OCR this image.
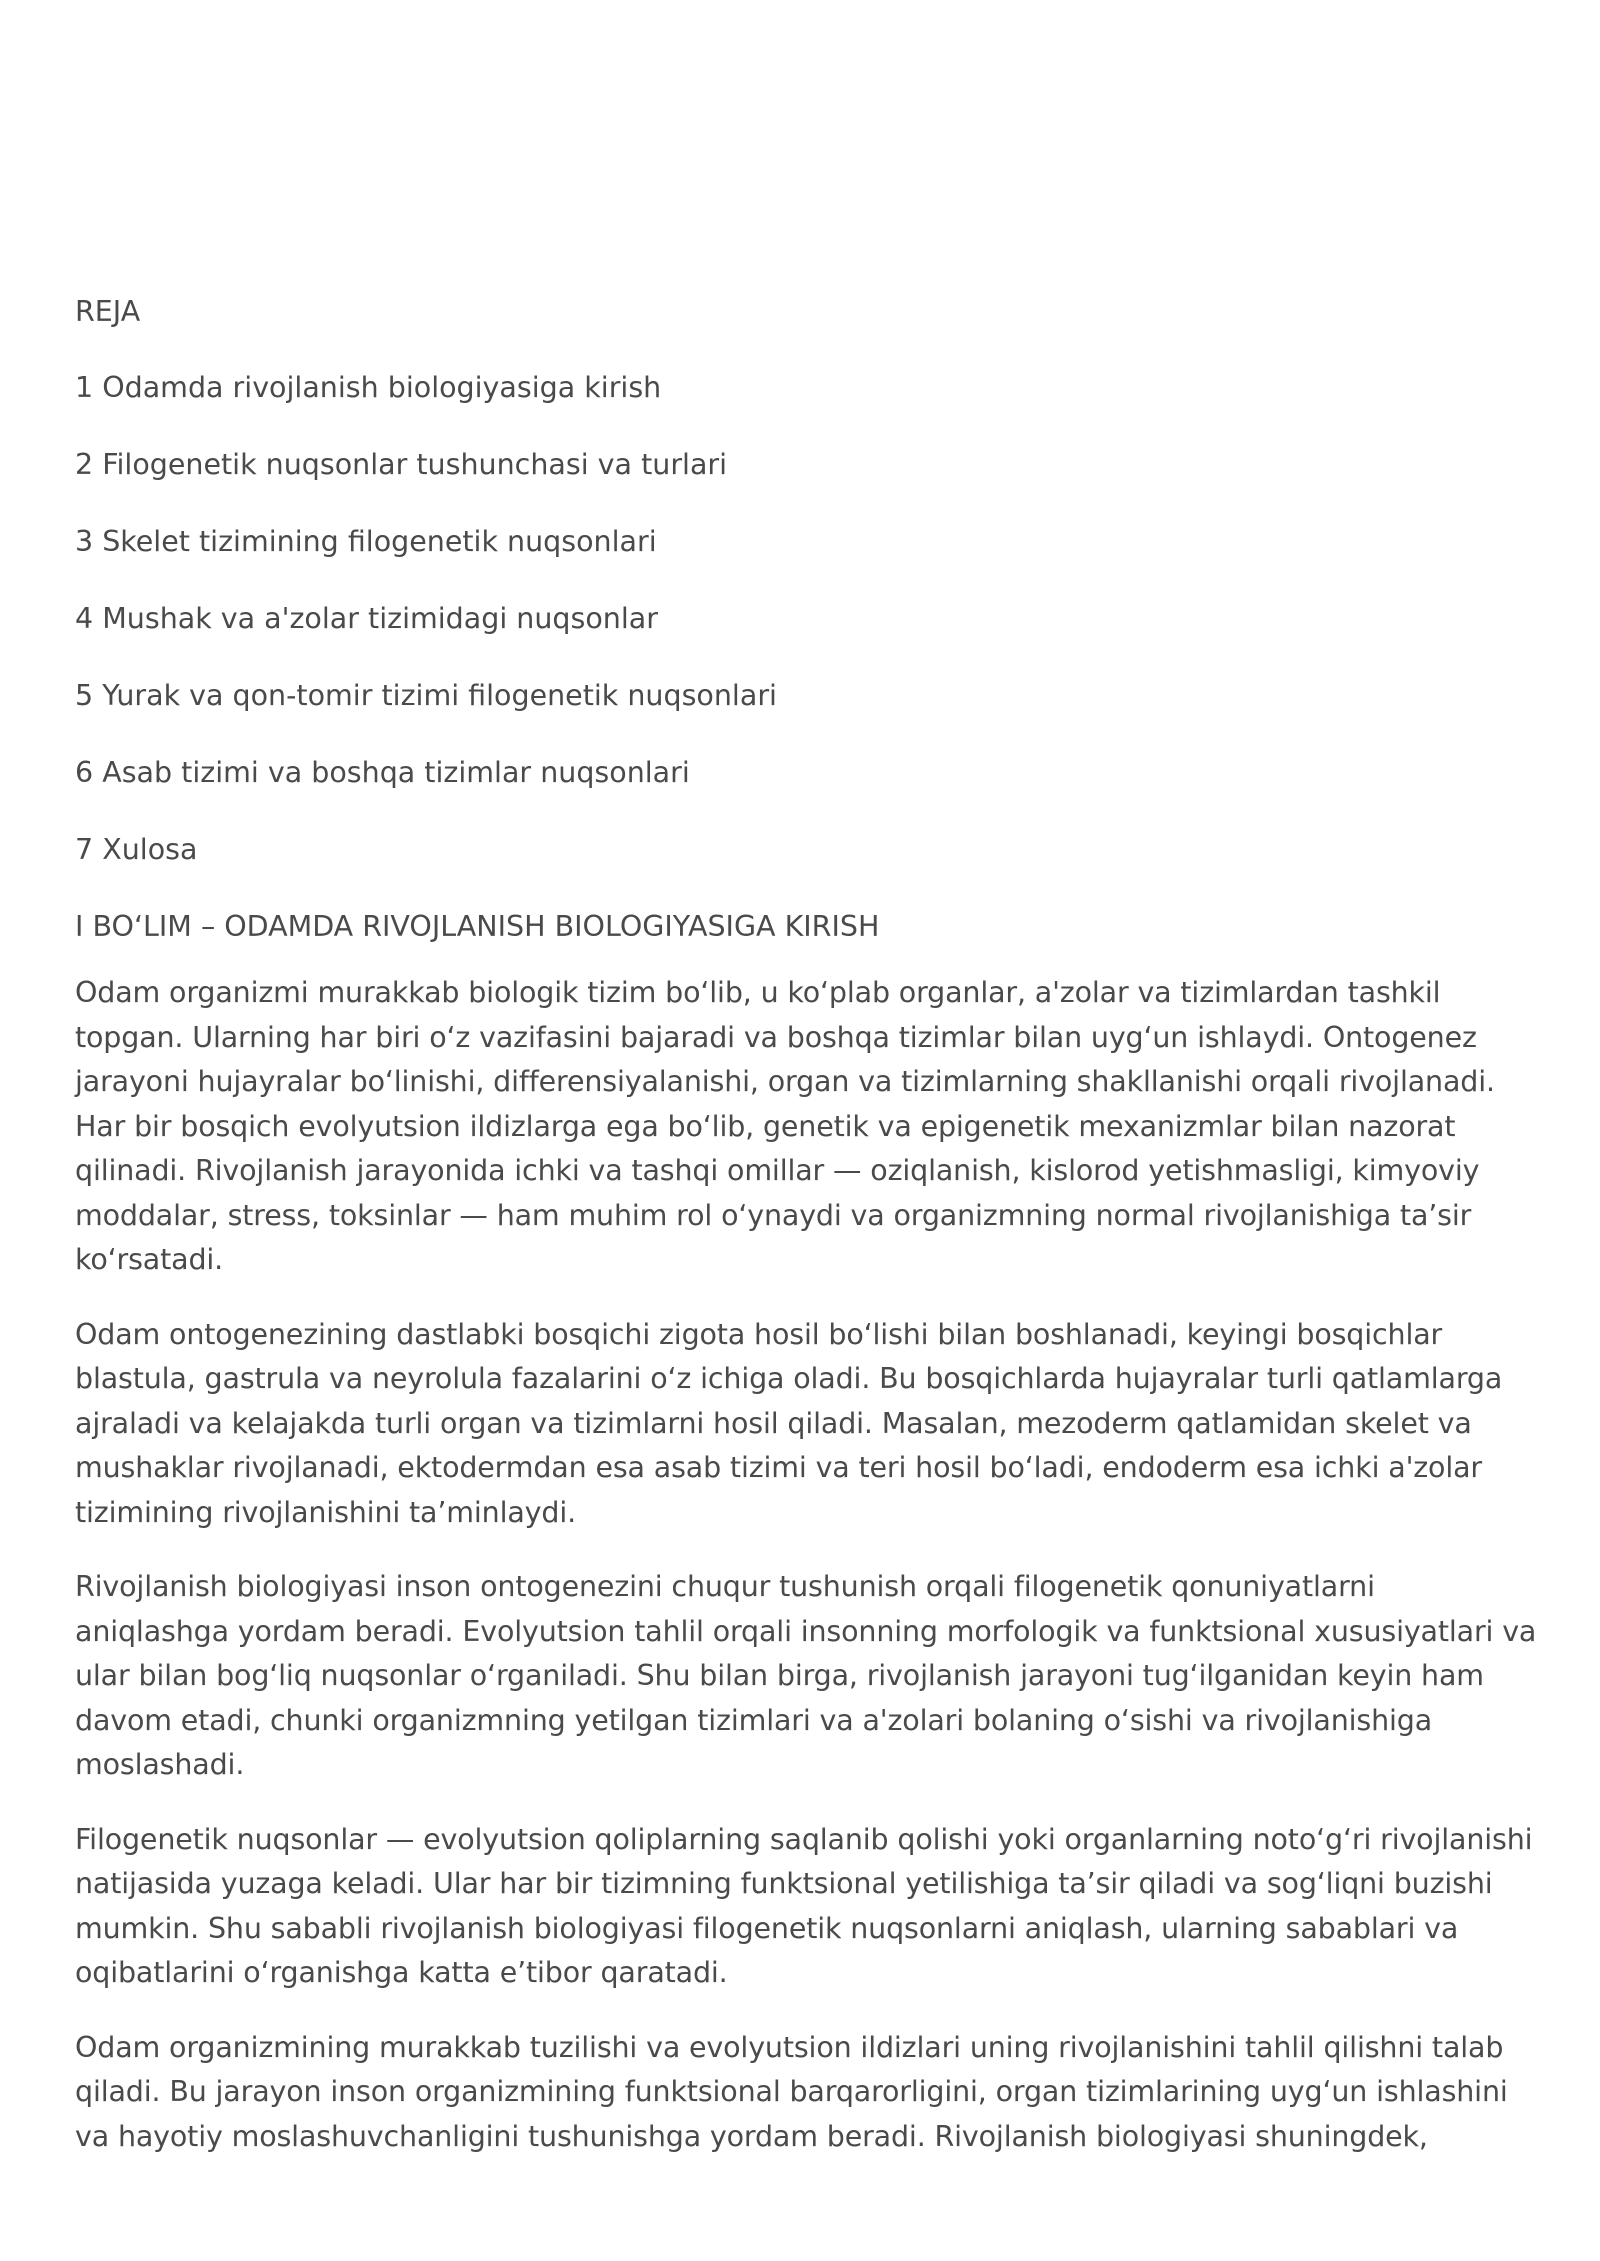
REJA
1 Odamda rivojlanish biologiyasiga kirish
2 Filogenetik nuqsonlar tushunchasi va turlari
3 Skelet tizimining filogenetik nuqsonlari
4 Mushak va a'zolar tizimidagi nuqsonlar
5 Yurak va qon-tomir tizimi filogenetik nuqsonlari
6 Asab tizimi va boshqa tizimlar nuqsonlari
7 Xulosa
I BO‘LIM – ODAMDA RIVOJLANISH BIOLOGIYASIGA KIRISH

Odam organizmi murakkab biologik tizim bo‘lib, u ko‘plab organlar, a'zolar va tizimlardan tashkil topgan. Ularning har biri o‘z vazifasini bajaradi va boshqa tizimlar bilan uyg‘un ishlaydi. Ontogenez jarayoni hujayralar bo‘linishi, differensiyalanishi, organ va tizimlarning shakllanishi orqali rivojlanadi. Har bir bosqich evolyutsion ildizlarga ega bo‘lib, genetik va epigenetik mexanizmlar bilan nazorat qilinadi. Rivojlanish jarayonida ichki va tashqi omillar — oziqlanish, kislorod yetishmasligi, kimyoviy moddalar, stress, toksinlar — ham muhim rol o‘ynaydi va organizmning normal rivojlanishiga ta’sir ko‘rsatadi.

Odam ontogenezining dastlabki bosqichi zigota hosil bo‘lishi bilan boshlanadi, keyingi bosqichlar blastula, gastrula va neyrolula fazalarini o‘z ichiga oladi. Bu bosqichlarda hujayralar turli qatlamlarga ajraladi va kelajakda turli organ va tizimlarni hosil qiladi. Masalan, mezoderm qatlamidan skelet va mushaklar rivojlanadi, ektodermdan esa asab tizimi va teri hosil bo‘ladi, endoderm esa ichki a'zolar tizimining rivojlanishini ta’minlaydi.

Rivojlanish biologiyasi inson ontogenezini chuqur tushunish orqali filogenetik qonuniyatlarni aniqlashga yordam beradi. Evolyutsion tahlil orqali insonning morfologik va funktsional xususiyatlari va ular bilan bog‘liq nuqsonlar o‘rganiladi. Shu bilan birga, rivojlanish jarayoni tug‘ilganidan keyin ham davom etadi, chunki organizmning yetilgan tizimlari va a'zolari bolaning o‘sishi va rivojlanishiga moslashadi.

Filogenetik nuqsonlar — evolyutsion qoliplarning saqlanib qolishi yoki organlarning noto‘g‘ri rivojlanishi natijasida yuzaga keladi. Ular har bir tizimning funktsional yetilishiga ta’sir qiladi va sog‘liqni buzishi mumkin. Shu sababli rivojlanish biologiyasi filogenetik nuqsonlarni aniqlash, ularning sabablari va oqibatlarini o‘rganishga katta e’tibor qaratadi.

Odam organizmining murakkab tuzilishi va evolyutsion ildizlari uning rivojlanishini tahlil qilishni talab qiladi. Bu jarayon inson organizmining funktsional barqarorligini, organ tizimlarining uyg‘un ishlashini va hayotiy moslashuvchanligini tushunishga yordam beradi. Rivojlanish biologiyasi shuningdek,
